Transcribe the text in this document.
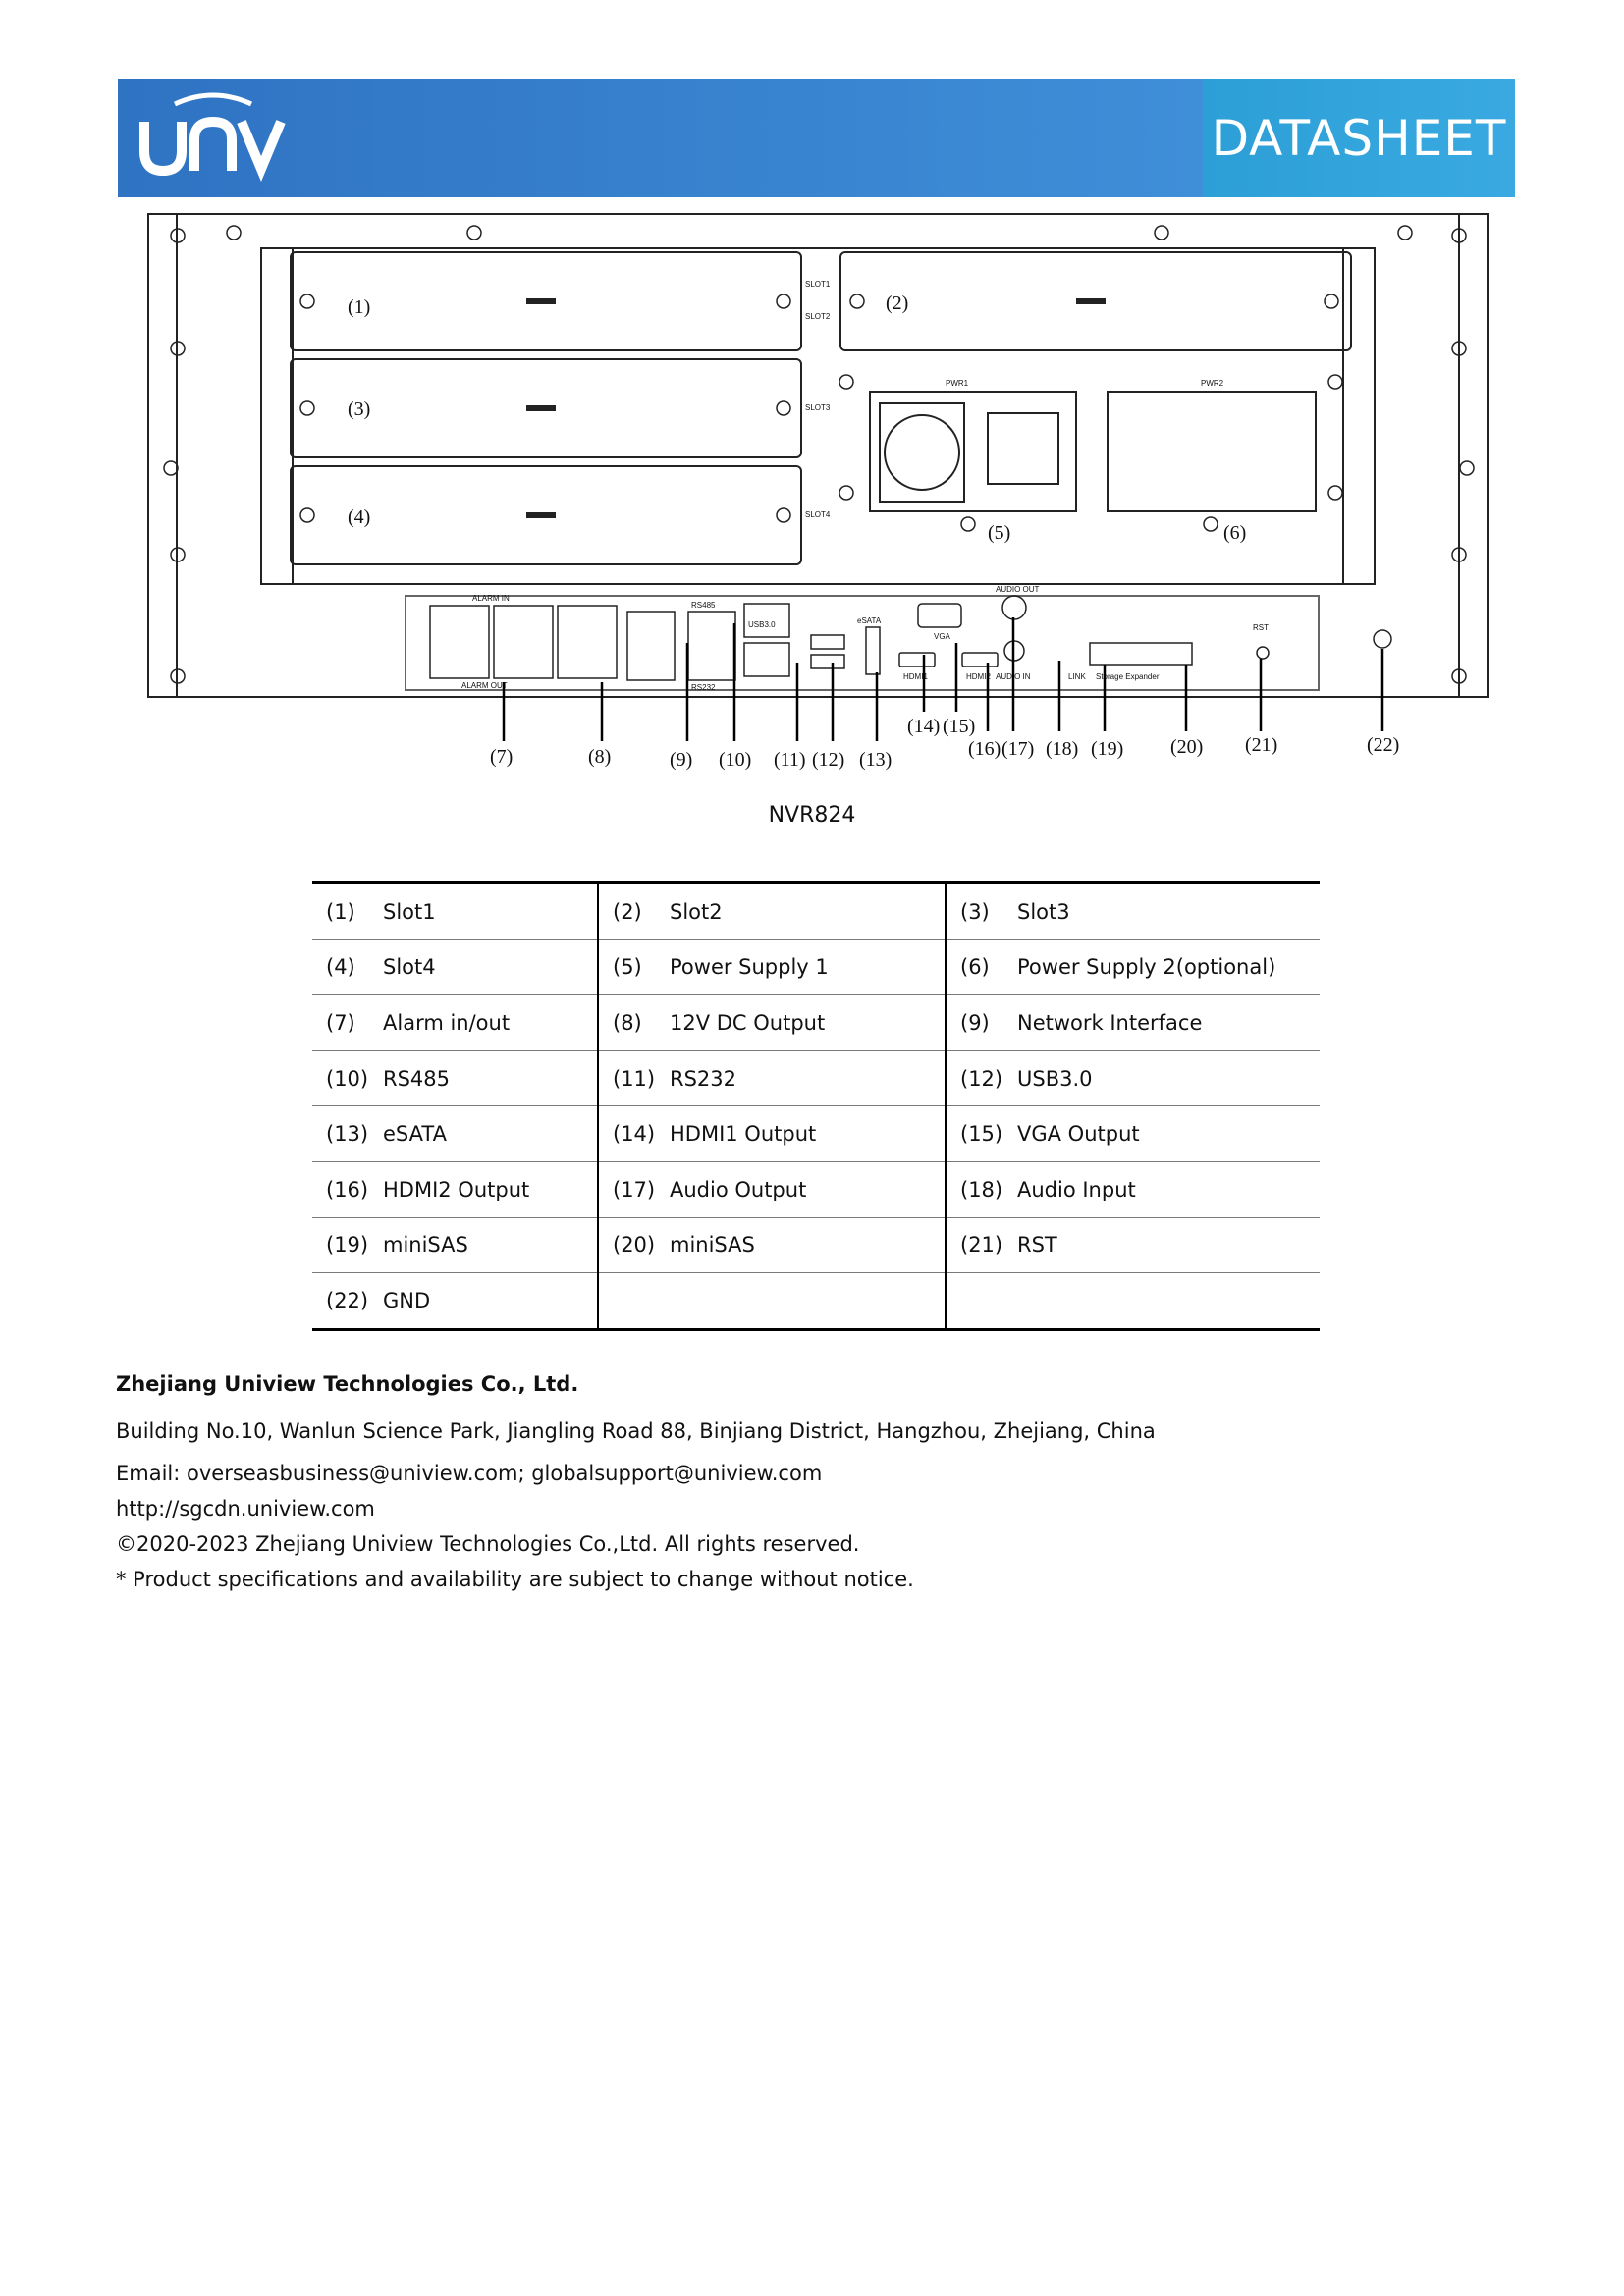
DATASHEET
SLOT1
SLOT2
SLOT3
SLOT4
PWR1	PWR2
ALARM IN
ALARM OUT
RS485
RS232
USB3.0	eSATA
VGA
HDMI1	HDMI2
AUDIO OUT
AUDIO IN	Storage Expander
LINK
RST
(1)	(2)
(3)
(4)
(5)	(6)
(7)	(8)	(9) (10) (11) (12) (13)
(14) (15)
(16) (17) (18) (19) (20) (21)	(22)
NVR824
(1) Slot1	(2) Slot2	(3) Slot3
(4) Slot4	(5) Power Supply 1	(6) Power Supply 2(optional)
(7) Alarm in/out	(8) 12V DC Output	(9) Network Interface
(10) RS485	(11) RS232	(12) USB3.0
(13) eSATA	(14) HDMI1 Output	(15) VGA Output
(16) HDMI2 Output	(17) Audio Output	(18) Audio Input
(19) miniSAS	(20) miniSAS	(21) RST
(22) GND		
Zhejiang Uniview Technologies Co., Ltd.
Building No.10, Wanlun Science Park, Jiangling Road 88, Binjiang District, Hangzhou, Zhejiang, China
Email: overseasbusiness@uniview.com; globalsupport@uniview.com
http://sgcdn.uniview.com
©2020-2023 Zhejiang Uniview Technologies Co.,Ltd. All rights reserved.
* Product specifications and availability are subject to change without notice.
